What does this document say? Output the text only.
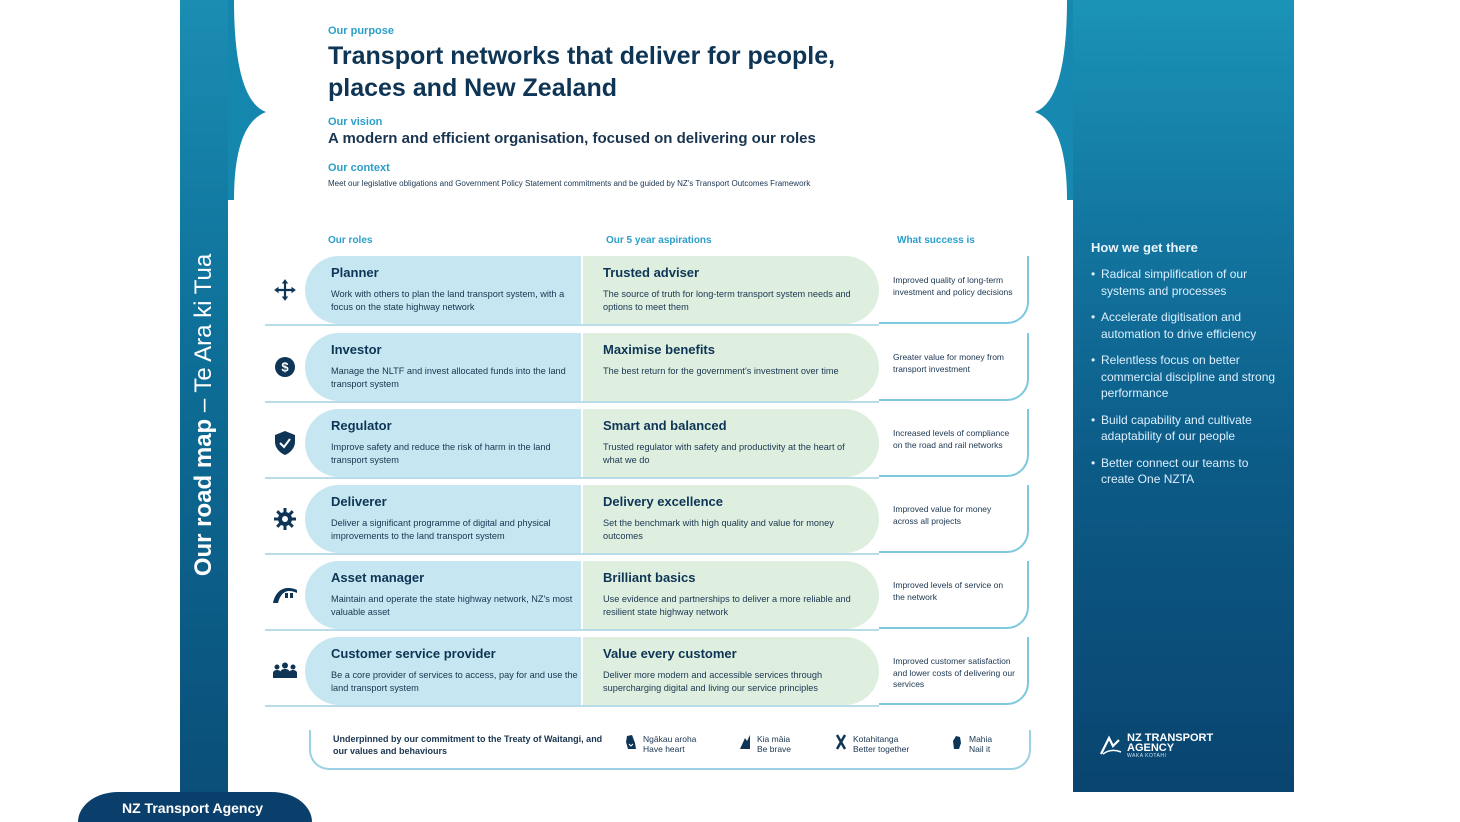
Our road map – Te Ara ki Tua
How we get there
• Radical simplification of our systems and processes
• Accelerate digitisation and automation to drive efficiency
• Relentless focus on better commercial discipline and strong performance
• Build capability and cultivate adaptability of our people
• Better connect our teams to create One NZTA
NZ TRANSPORT
AGENCY
WAKA KOTAHI
NZ Transport Agency
Our purpose
Transport networks that deliver for people, places and New Zealand
Our vision
A modern and efficient organisation, focused on delivering our roles
Our context
Meet our legislative obligations and Government Policy Statement commitments and be guided by NZ's Transport Outcomes Framework
Our roles	Our 5 year aspirations	What success is
Planner
Work with others to plan the land transport system, with a focus on the state highway network
Trusted adviser
The source of truth for long-term transport system needs and options to meet them
Improved quality of long-term investment and policy decisions
$
Investor
Manage the NLTF and invest allocated funds into the land transport system
Maximise benefits
The best return for the government's investment over time
Greater value for money from transport investment
Regulator
Improve safety and reduce the risk of harm in the land transport system
Smart and balanced
Trusted regulator with safety and productivity at the heart of what we do
Increased levels of compliance on the road and rail networks
Deliverer
Deliver a significant programme of digital and physical improvements to the land transport system
Delivery excellence
Set the benchmark with high quality and value for money outcomes
Improved value for money across all projects
Asset manager
Maintain and operate the state highway network, NZ's most valuable asset
Brilliant basics
Use evidence and partnerships to deliver a more reliable and resilient state highway network
Improved levels of service on the network
Customer service provider
Be a core provider of services to access, pay for and use the land transport system
Value every customer
Deliver more modern and accessible services through supercharging digital and living our service principles
Improved customer satisfaction and lower costs of delivering our services
Underpinned by our commitment to the Treaty of Waitangi, and our values and behaviours
Ngākau aroha
Have heart
Kia māia
Be brave
Kotahitanga
Better together
Mahia
Nail it
